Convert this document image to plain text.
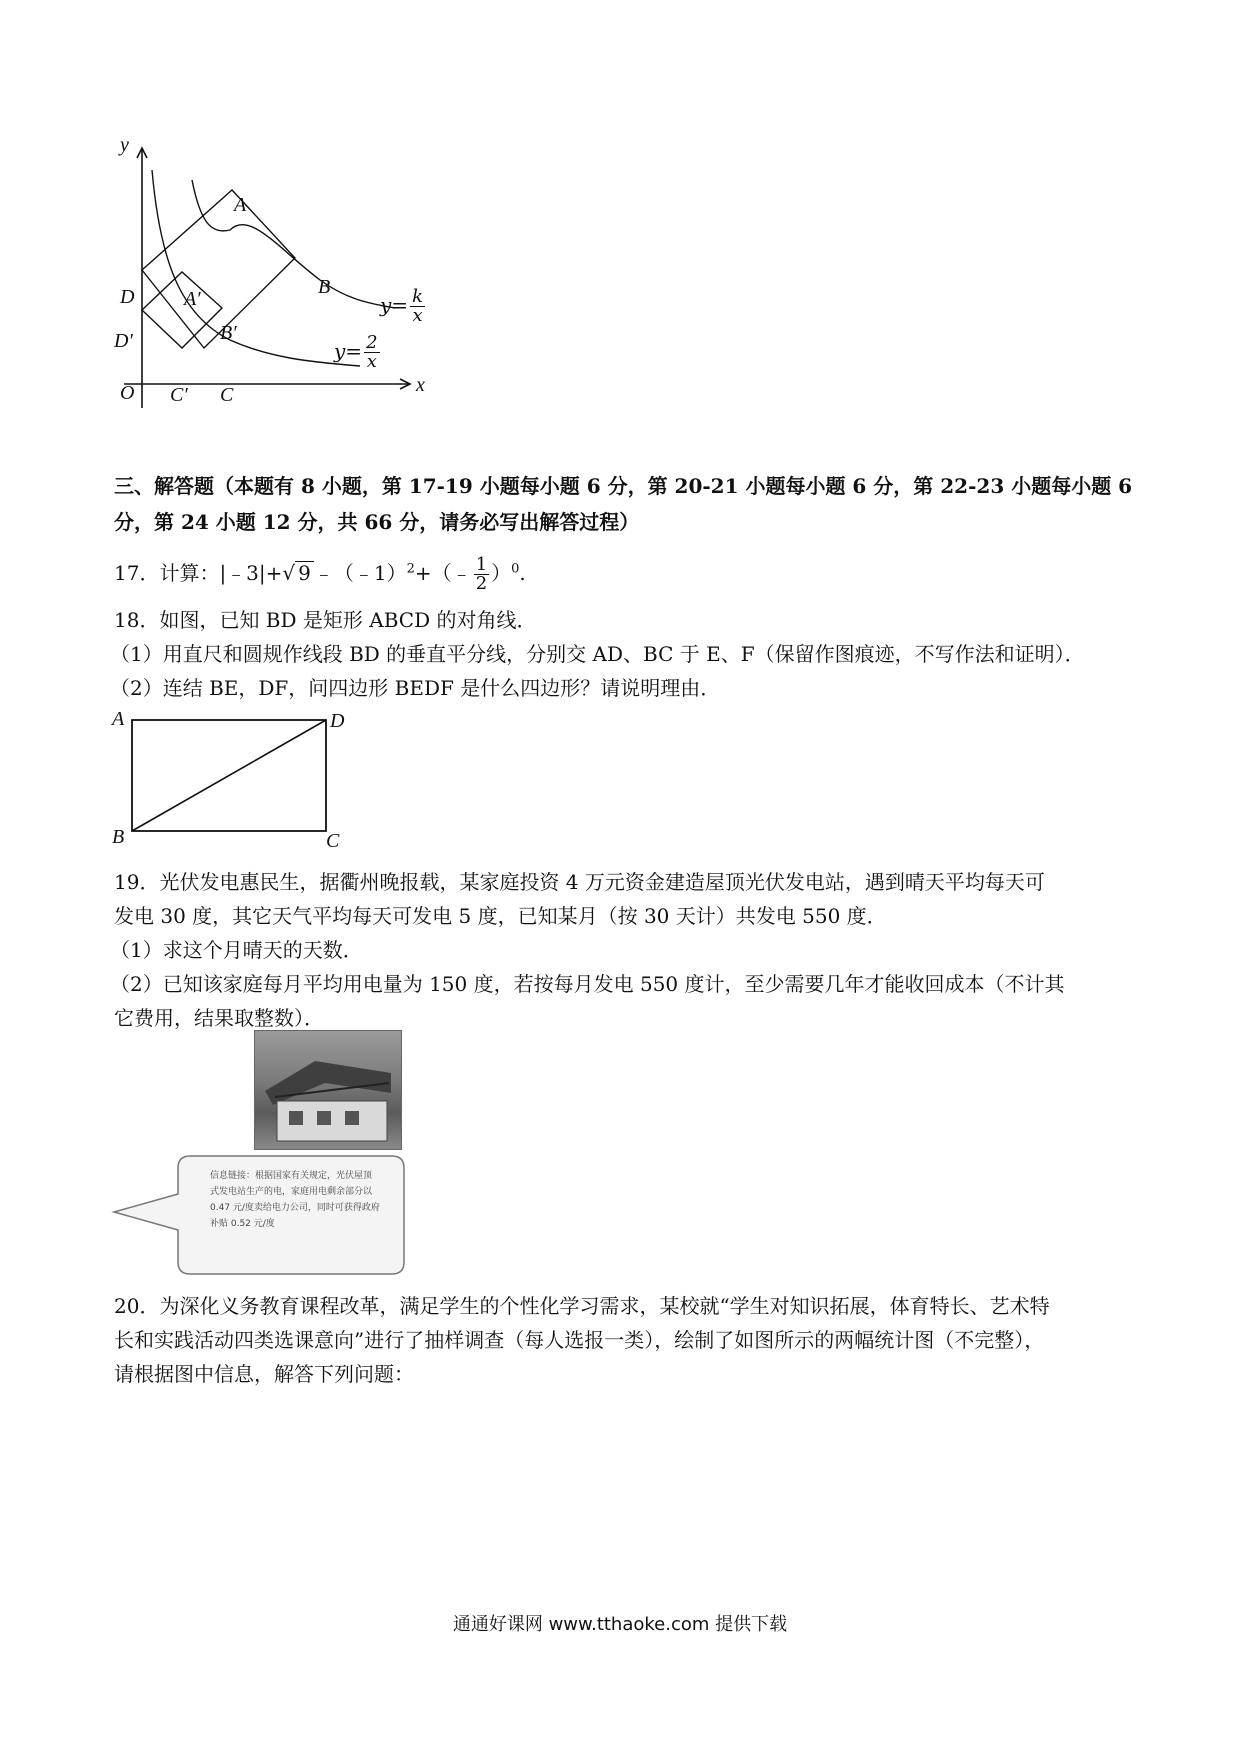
y
x
O
A
B
C
D A′
B′
C′
D′
$y= \frac{k}{x}$
$y= \frac{2}{x}$
三、解答题（本题有 8 小题，第 17-19 小题每小题 6 分，第 20-21 小题每小题 6 分，第 22-23 小题每小题 6
分，第 24 小题 12 分，共 66 分，请务必写出解答过程）
17．计算：|﹣3|+√ 9 ﹣（﹣1）$^2$+（﹣ $\frac{1}{2} )^0$.
18．如图，已知 BD 是矩形 ABCD 的对角线．
（1）用直尺和圆规作线段 BD 的垂直平分线，分别交 AD、BC 于 E、F（保留作图痕迹，不写作法和证明）．
（2）连结 BE，DF，问四边形 BEDF 是什么四边形？请说明理由．
A	D
B	C
19．光伏发电惠民生，据衢州晚报载，某家庭投资 4 万元资金建造屋顶光伏发电站，遇到晴天平均每天可
发电 30 度，其它天气平均每天可发电 5 度，已知某月（按 30 天计）共发电 550 度．
（1）求这个月晴天的天数．
（2）已知该家庭每月平均用电量为 150 度，若按每月发电 550 度计，至少需要几年才能收回成本（不计其
它费用，结果取整数）．
信息链接：根据国家有关规定，光伏屋顶式发电站生产的电，家庭用电剩余部分以 0.47 元/度卖给电力公司，同时可获得政府补贴 0.52 元/度
20．为深化义务教育课程改革，满足学生的个性化学习需求，某校就“学生对知识拓展，体育特长、艺术特
长和实践活动四类选课意向”进行了抽样调查（每人选报一类），绘制了如图所示的两幅统计图（不完整），
请根据图中信息，解答下列问题：
通通好课网 www.tthaoke.com 提供下载
